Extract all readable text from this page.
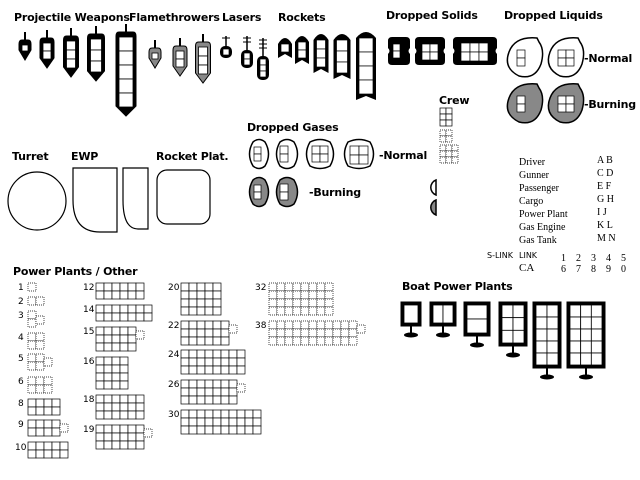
Projectile Weapons Flamethrowers Lasers Rockets	Dropped Solids Dropped Liquids
Crew
Dropped Gases
Turret EWP	Rocket Plat.
Power Plants / Other
Boat Power Plants
-Normal
-Burning
-Normal
-Burning
Driver
Gunner
Passenger
Cargo
Power Plant
Gas Engine
Gas Tank
A B
C D
E F
G H
I J
K L
M N
S-LINK LINK
CA
1 2 3 4 5
6 7 8 9 0
1
2
3
4
5
6
8
9
10
12
14
15
16
18
19
20
22
24
26
30
32
38
